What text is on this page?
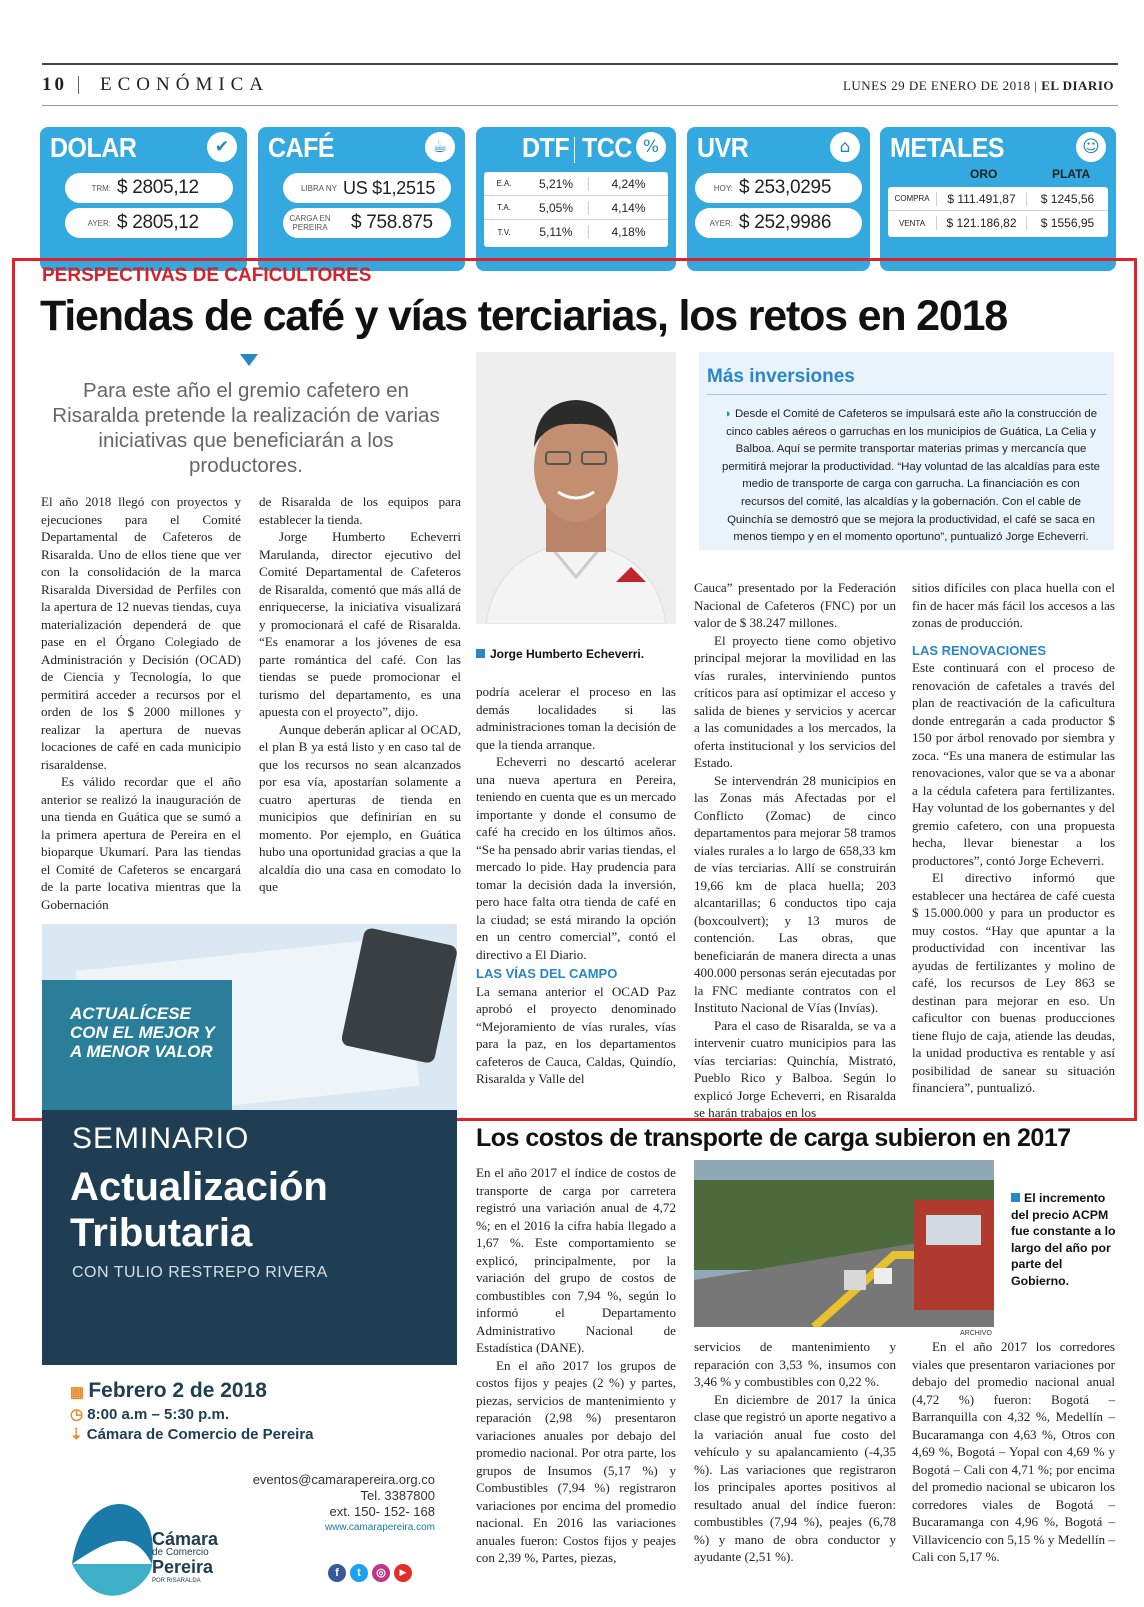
10 ECONÓMICA	LUNES 29 DE ENERO DE 2018 | EL DIARIO
DOLAR	✔
TRM: $ 2805,12
AYER: $ 2805,12
CAFÉ	☕
LIBRA NY US $1,2515
CARGA EN PEREIRA	$ 758.875
DTF TCC %
E.A.	5,21%	4,24%
T.A.	5,05%	4,14%
T.V.	5,11%	4,18%
UVR	⌂
HOY: $ 253,0295
AYER: $ 252,9986
METALES	☺
ORO	PLATA
COMPRA	$ 111.491,87	$ 1245,56
VENTA	$ 121.186,82	$ 1556,95
PERSPECTIVAS DE CAFICULTORES
Tiendas de café y vías terciarias, los retos en 2018
Para este año el gremio cafetero en Risaralda pretende la realización de varias iniciativas que beneficiarán a los productores.

El año 2018 llegó con proyectos y ejecuciones para el Comité Departamental de Cafeteros de Risaralda. Uno de ellos tiene que ver con la consolidación de la marca Risaralda Diversidad de Perfiles con la apertura de 12 nuevas tiendas, cuya materialización dependerá de que pase en el Órgano Colegiado de Administración y Decisión (OCAD) de Ciencia y Tecnología, lo que permitirá acceder a recursos por el orden de los $ 2000 millones y realizar la apertura de nuevas locaciones de café en cada municipio risaraldense.

Es válido recordar que el año anterior se realizó la inauguración de una tienda en Guática que se sumó a la primera apertura de Pereira en el bioparque Ukumarí. Para las tiendas el Comité de Cafeteros se encargará de la parte locativa mientras que la Gobernación

de Risaralda de los equipos para establecer la tienda.

Jorge Humberto Echeverri Marulanda, director ejecutivo del Comité Departamental de Cafeteros de Risaralda, comentó que más allá de enriquecerse, la iniciativa visualizará y promocionará el café de Risaralda. “Es enamorar a los jóvenes de esa parte romántica del café. Con las tiendas se puede promocionar el turismo del departamento, es una apuesta con el proyecto”, dijo.

Aunque deberán aplicar al OCAD, el plan B ya está listo y en caso tal de que los recursos no sean alcanzados por esa vía, apostarían solamente a cuatro aperturas de tienda en municipios que definirían en su momento. Por ejemplo, en Guática hubo una oportunidad gracias a que la alcaldía dio una casa en comodato lo que

Jorge Humberto Echeverri.

podría acelerar el proceso en las demás localidades si las administraciones toman la decisión de que la tienda arranque.

Echeverri no descartó acelerar una nueva apertura en Pereira, teniendo en cuenta que es un mercado importante y donde el consumo de café ha crecido en los últimos años. “Se ha pensado abrir varias tiendas, el mercado lo pide. Hay prudencia para tomar la decisión dada la inversión, pero hace falta otra tienda de café en la ciudad; se está mirando la opción en un centro comercial”, contó el directivo a El Diario.

LAS VÍAS DEL CAMPO

La semana anterior el OCAD Paz aprobó el proyecto denominado “Mejoramiento de vías rurales, vías para la paz, en los departamentos cafeteros de Cauca, Caldas, Quindío, Risaralda y Valle del

Más inversiones
◗ Desde el Comité de Cafeteros se impulsará este año la construcción de cinco cables aéreos o garruchas en los municipios de Guática, La Celia y Balboa. Aquí se permite transportar materias primas y mercancía que permitirá mejorar la productividad. “Hay voluntad de las alcaldías para este medio de transporte de carga con garrucha. La financiación es con recursos del comité, las alcaldías y la gobernación. Con el cable de Quinchía se demostró que se mejora la productividad, el café se saca en menos tiempo y en el momento oportuno”, puntualizó Jorge Echeverri.

Cauca” presentado por la Federación Nacional de Cafeteros (FNC) por un valor de $ 38.247 millones.

El proyecto tiene como objetivo principal mejorar la movilidad en las vías rurales, interviniendo puntos críticos para así optimizar el acceso y salida de bienes y servicios y acercar a las comunidades a los mercados, la oferta institucional y los servicios del Estado.

Se intervendrán 28 municipios en las Zonas más Afectadas por el Conflicto (Zomac) de cinco departamentos para mejorar 58 tramos viales rurales a lo largo de 658,33 km de vías terciarias. Allí se construirán 19,66 km de placa huella; 203 alcantarillas; 6 conductos tipo caja (boxcoulvert); y 13 muros de contención. Las obras, que beneficiarán de manera directa a unas 400.000 personas serán ejecutadas por la FNC mediante contratos con el Instituto Nacional de Vías (Invías).

Para el caso de Risaralda, se va a intervenir cuatro municipios para las vías terciarias: Quinchía, Mistrató, Pueblo Rico y Balboa. Según lo explicó Jorge Echeverri, en Risaralda se harán trabajos en los

sitios difíciles con placa huella con el fin de hacer más fácil los accesos a las zonas de producción.

LAS RENOVACIONES

Este continuará con el proceso de renovación de cafetales a través del plan de reactivación de la caficultura donde entregarán a cada productor $ 150 por árbol renovado por siembra y zoca. “Es una manera de estimular las renovaciones, valor que se va a abonar a la cédula cafetera para fertilizantes. Hay voluntad de los gobernantes y del gremio cafetero, con una propuesta hecha, llevar bienestar a los productores”, contó Jorge Echeverri.

El directivo informó que establecer una hectárea de café cuesta $ 15.000.000 y para un productor es muy costos. “Hay que apuntar a la productividad con incentivar las ayudas de fertilizantes y molino de café, los recursos de Ley 863 se destinan para mejorar en eso. Un caficultor con buenas producciones tiene flujo de caja, atiende las deudas, la unidad productiva es rentable y así posibilidad de sanear su situación financiera”, puntualizó.

ACTUALÍCESE CON EL MEJOR Y A MENOR VALOR
SEMINARIO
Actualización Tributaria
CON TULIO RESTREPO RIVERA
▦ Febrero 2 de 2018
◷ 8:00 a.m – 5:30 p.m.
⇣ Cámara de Comercio de Pereira
eventos@camarapereira.org.co
Tel. 3387800
ext. 150- 152- 168
www.camarapereira.com
Cámara
de Comercio
Pereira
POR RISARALDA
f	t	◎	▶
Los costos de transporte de carga subieron en 2017

En el año 2017 el índice de costos de transporte de carga por carretera registró una variación anual de 4,72 %; en el 2016 la cifra había llegado a 1,67 %. Este comportamiento se explicó, principalmente, por la variación del grupo de costos de combustibles con 7,94 %, según lo informó el Departamento Administrativo Nacional de Estadística (DANE).

En el año 2017 los grupos de costos fijos y peajes (2 %) y partes, piezas, servicios de mantenimiento y reparación (2,98 %) presentaron variaciones anuales por debajo del promedio nacional. Por otra parte, los grupos de Insumos (5,17 %) y Combustibles (7,94 %) registraron variaciones por encima del promedio nacional. En 2016 las variaciones anuales fueron: Costos fijos y peajes con 2,39 %, Partes, piezas,

ARCHIVO
El incremento del precio ACPM fue constante a lo largo del año por parte del Gobierno.

servicios de mantenimiento y reparación con 3,53 %, insumos con 3,46 % y combustibles con 0,22 %.

En diciembre de 2017 la única clase que registró un aporte negativo a la variación anual fue costo del vehículo y su apalancamiento (-4,35 %). Las variaciones que registraron los principales aportes positivos al resultado anual del índice fueron: combustibles (7,94 %), peajes (6,78 %) y mano de obra conductor y ayudante (2,51 %).

En el año 2017 los corredores viales que presentaron variaciones por debajo del promedio nacional anual (4,72 %) fueron: Bogotá – Barranquilla con 4,32 %, Medellín – Bucaramanga con 4,63 %, Otros con 4,69 %, Bogotá – Yopal con 4,69 % y Bogotá – Cali con 4,71 %; por encima del promedio nacional se ubicaron los corredores viales de Bogotá – Bucaramanga con 4,96 %, Bogotá – Villavicencio con 5,15 % y Medellín – Cali con 5,17 %.
